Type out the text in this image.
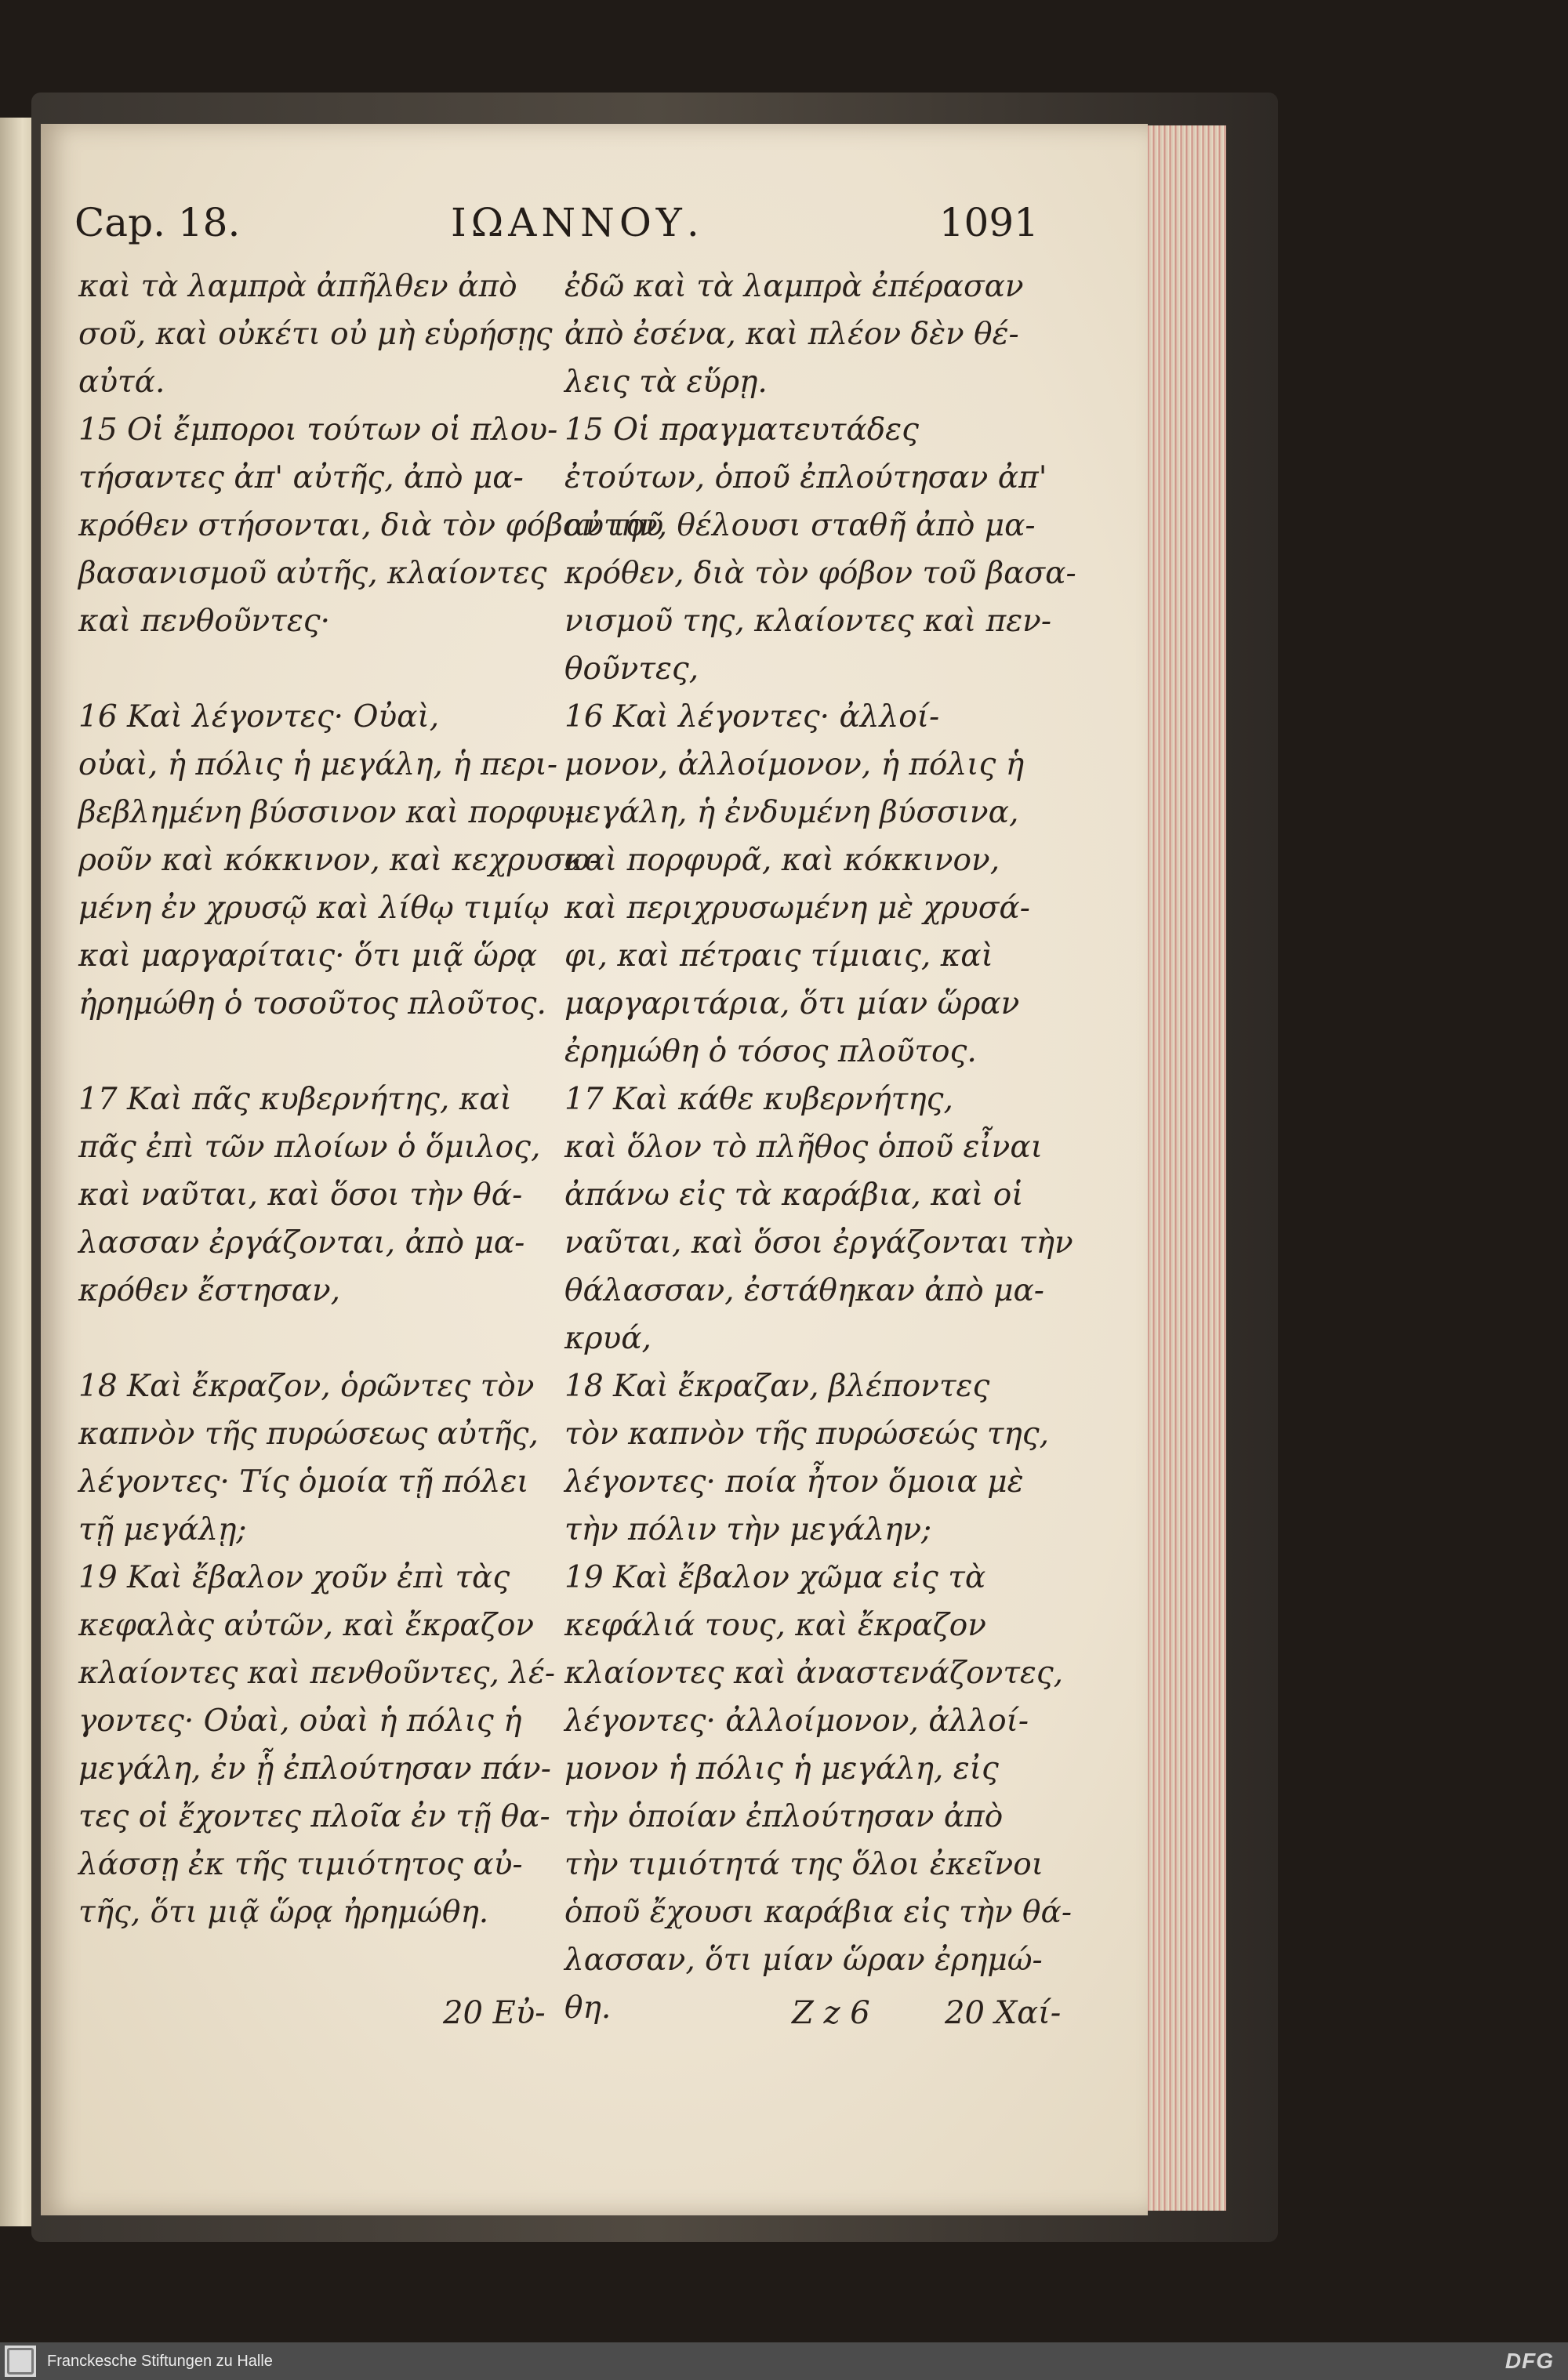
Cap. 18.	ΙΩΑΝΝΟΥ.	1091
καὶ τὰ λαμπρὰ ἀπῆλθεν ἀπὸ
σοῦ, καὶ οὐκέτι οὐ μὴ εὑρήσῃς
αὐτά.
15 Οἱ ἔμποροι τούτων οἱ πλου-
τήσαντες ἀπ' αὐτῆς, ἀπὸ μα-
κρόθεν στήσονται, διὰ τὸν φόβον τοῦ
βασανισμοῦ αὐτῆς, κλαίοντες
καὶ πενθοῦντες·
16 Καὶ λέγοντες· Οὐαὶ,
οὐαὶ, ἡ πόλις ἡ μεγάλη, ἡ περι-
βεβλημένη βύσσινον καὶ πορφυ-
ροῦν καὶ κόκκινον, καὶ κεχρυσω-
μένη ἐν χρυσῷ καὶ λίθῳ τιμίῳ
καὶ μαργαρίταις· ὅτι μιᾷ ὥρᾳ
ἠρημώθη ὁ τοσοῦτος πλοῦτος.
17 Καὶ πᾶς κυβερνήτης, καὶ
πᾶς ἐπὶ τῶν πλοίων ὁ ὅμιλος,
καὶ ναῦται, καὶ ὅσοι τὴν θά-
λασσαν ἐργάζονται, ἀπὸ μα-
κρόθεν ἔστησαν,
18 Καὶ ἔκραζον, ὁρῶντες τὸν
καπνὸν τῆς πυρώσεως αὐτῆς,
λέγοντες· Τίς ὁμοία τῇ πόλει
τῇ μεγάλῃ;
19 Καὶ ἔβαλον χοῦν ἐπὶ τὰς
κεφαλὰς αὐτῶν, καὶ ἔκραζον
κλαίοντες καὶ πενθοῦντες, λέ-
γοντες· Οὐαὶ, οὐαὶ ἡ πόλις ἡ
μεγάλη, ἐν ᾗ ἐπλούτησαν πάν-
τες οἱ ἔχοντες πλοῖα ἐν τῇ θα-
λάσσῃ ἐκ τῆς τιμιότητος αὐ-
τῆς, ὅτι μιᾷ ὥρᾳ ἠρημώθη.
ἐδῶ καὶ τὰ λαμπρὰ ἐπέρασαν
ἀπὸ ἐσένα, καὶ πλέον δὲν θέ-
λεις τὰ εὕρῃ.
15 Οἱ πραγματευτάδες
ἐτούτων, ὁποῦ ἐπλούτησαν ἀπ'
αὐτήν, θέλουσι σταθῆ ἀπὸ μα-
κρόθεν, διὰ τὸν φόβον τοῦ βασα-
νισμοῦ της, κλαίοντες καὶ πεν-
θοῦντες,
16 Καὶ λέγοντες· ἀλλοί-
μονον, ἀλλοίμονον, ἡ πόλις ἡ
μεγάλη, ἡ ἐνδυμένη βύσσινα,
καὶ πορφυρᾶ, καὶ κόκκινον,
καὶ περιχρυσωμένη μὲ χρυσά-
φι, καὶ πέτραις τίμιαις, καὶ
μαργαριτάρια, ὅτι μίαν ὥραν
ἐρημώθη ὁ τόσος πλοῦτος.
17 Καὶ κάθε κυβερνήτης,
καὶ ὅλον τὸ πλῆθος ὁποῦ εἶναι
ἀπάνω εἰς τὰ καράβια, καὶ οἱ
ναῦται, καὶ ὅσοι ἐργάζονται τὴν
θάλασσαν, ἐστάθηκαν ἀπὸ μα-
κρυά,
18 Καὶ ἔκραζαν, βλέποντες
τὸν καπνὸν τῆς πυρώσεώς της,
λέγοντες· ποία ἦτον ὅμοια μὲ
τὴν πόλιν τὴν μεγάλην;
19 Καὶ ἔβαλον χῶμα εἰς τὰ
κεφάλιά τους, καὶ ἔκραζον
κλαίοντες καὶ ἀναστενάζοντες,
λέγοντες· ἀλλοίμονον, ἀλλοί-
μονον ἡ πόλις ἡ μεγάλη, εἰς
τὴν ὁποίαν ἐπλούτησαν ἀπὸ
τὴν τιμιότητά της ὅλοι ἐκεῖνοι
ὁποῦ ἔχουσι καράβια εἰς τὴν θά-
λασσαν, ὅτι μίαν ὥραν ἐρημώ-
θη.
20 Εὐ-	Z z 6 20 Χαί-
Franckesche Stiftungen zu Halle	DFG
